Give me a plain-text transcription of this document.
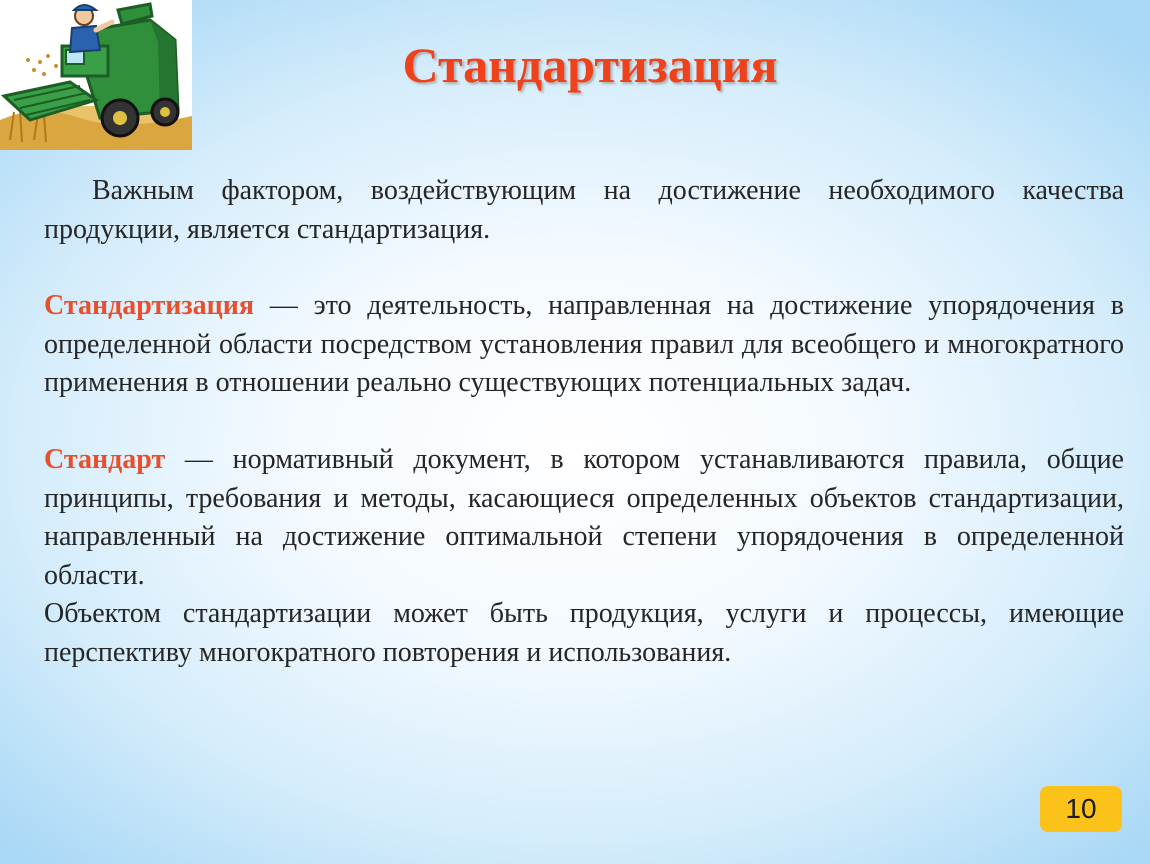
Стандартизация

Важным фактором, воздействующим на достижение необходимого качества продукции, является стандартизация.

Стандартизация — это деятельность, направленная на достижение упорядочения в определенной области посредством установления правил для всеобщего и многократного применения в отношении реально существующих потенциальных задач.

Стандарт — нормативный документ, в котором устанавливаются правила, общие принципы, требования и методы, касающиеся определенных объектов стандартизации, направленный на достижение оптимальной степени упорядочения в определенной области.

Объектом стандартизации может быть продукция, услуги и процессы, имеющие перспективу многократного повторения и использования.

10
